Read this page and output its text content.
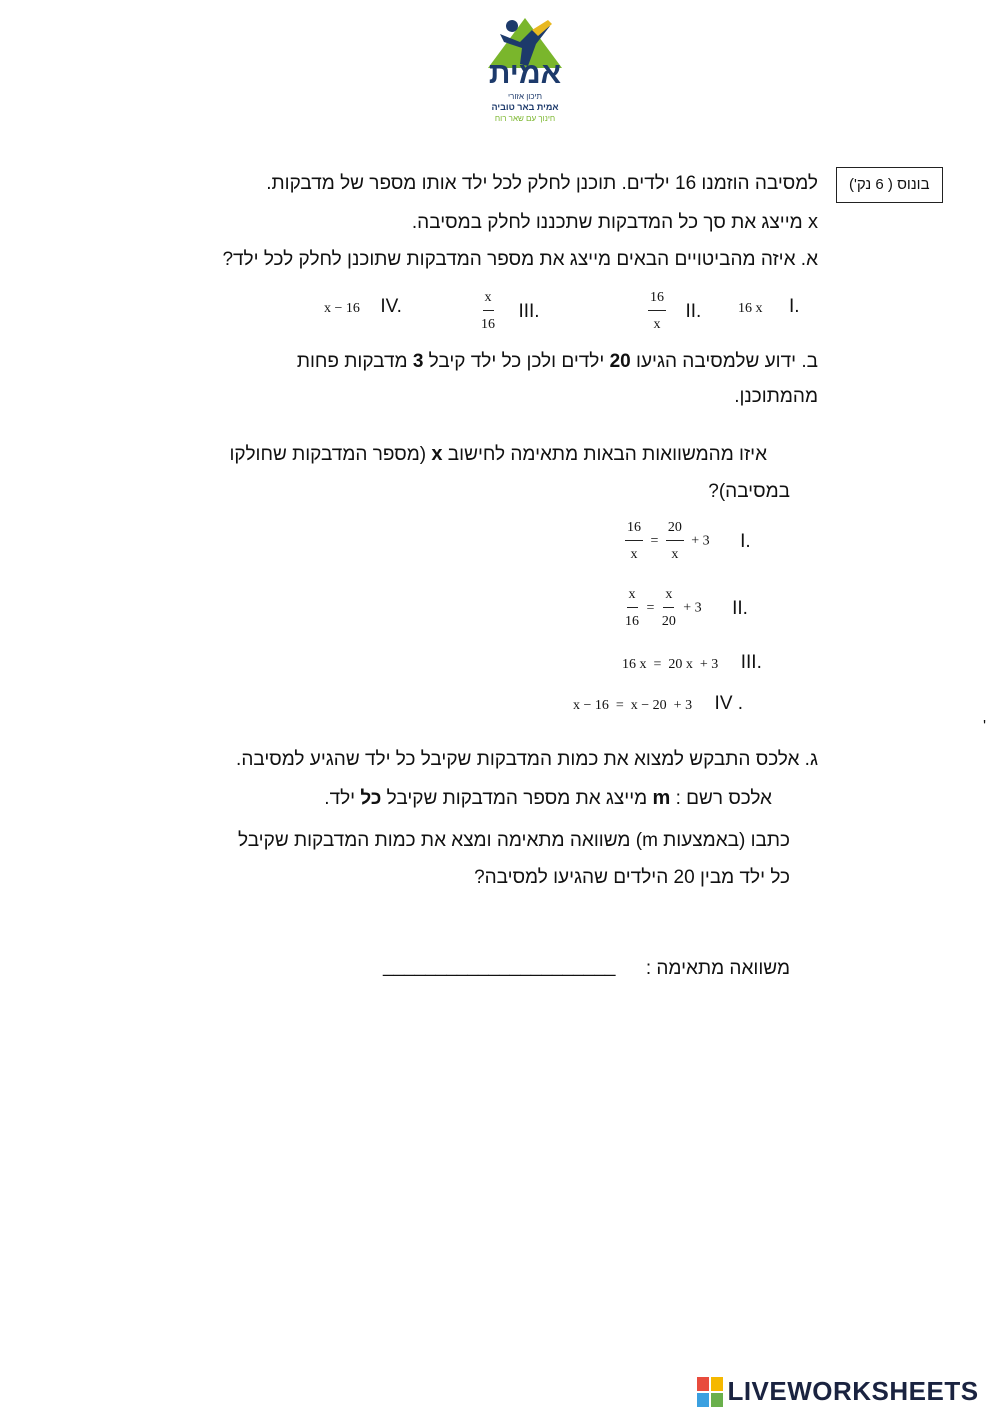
אמית
תיכון אזורי
אמית באר טוביה
חינוך עם שאר רוח
בונוס ( 6 נק')
למסיבה הוזמנו 16 ילדים. תוכנן לחלק לכל ילד אותו מספר של מדבקות.
x מייצג את סך כל המדבקות שתכננו לחלק במסיבה.
א. איזה מהביטויים הבאים מייצג את מספר המדבקות שתוכנן לחלק לכל ילד?
16 x I.
$\frac{16}{x}$ II.
$\frac{x}{16}$ III.
x − 16 IV.
ב. ידוע שלמסיבה הגיעו 20 ילדים ולכן כל ילד קיבל 3 מדבקות פחות
מהמתוכנן.
איזו מהמשוואות הבאות מתאימה לחישוב x (מספר המדבקות שחולקו
במסיבה)?
$\frac{16}{x} = \frac{20}{x} + 3$ I.
$\frac{x}{16} = \frac{x}{20} + 3$ II.
16 x  =  20 x  + 3 III.
x − 16  =  x − 20  + 3 IV .
'
ג. אלכס התבקש למצוא את כמות המדבקות שקיבל כל ילד שהגיע למסיבה.
אלכס רשם : m מייצג את מספר המדבקות שקיבל כל ילד.
כתבו (באמצעות m) משוואה מתאימה ומצא את כמות המדבקות שקיבל
כל ילד מבין 20 הילדים שהגיעו למסיבה?
משוואה מתאימה :
______________________
LIVEWORKSHEETS
